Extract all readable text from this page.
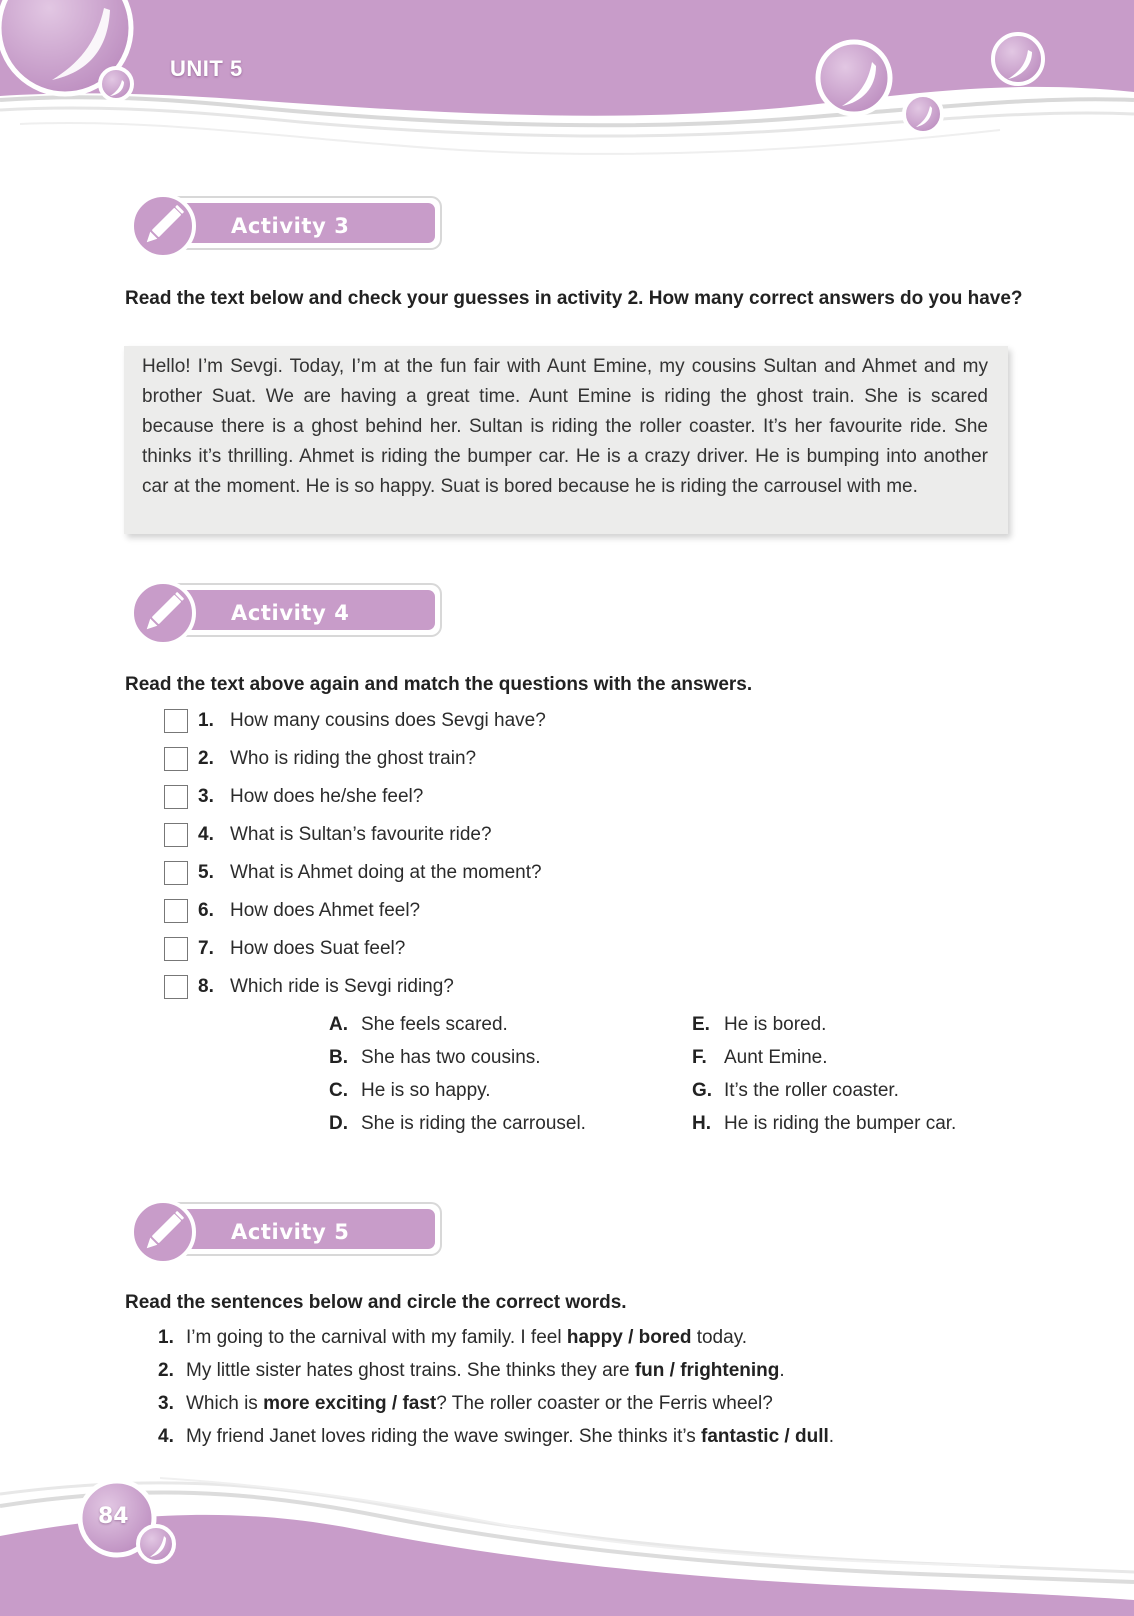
UNIT 5
Activity 3
Read the text below and check your guesses in activity 2. How many correct answers do you have?
Hello! I’m Sevgi. Today, I’m at the fun fair with Aunt Emine, my cousins Sultan and Ahmet and my brother Suat. We are having a great time. Aunt Emine is riding the ghost train. She is scared because there is a ghost behind her. Sultan is riding the roller coaster. It’s her favourite ride. She thinks it’s thrilling. Ahmet is riding the bumper car. He is a crazy driver. He is bumping into another car at the moment. He is so happy. Suat is bored because he is riding the carrousel with me.
Activity 4
Read the text above again and match the questions with the answers.
1. How many cousins does Sevgi have?
2. Who is riding the ghost train?
3. How does he/she feel?
4. What is Sultan’s favourite ride?
5. What is Ahmet doing at the moment?
6. How does Ahmet feel?
7. How does Suat feel?
8. Which ride is Sevgi riding?
A. She feels scared.
B. She has two cousins.
C. He is so happy.
D. She is riding the carrousel.
E. He is bored.
F. Aunt Emine.
G. It’s the roller coaster.
H. He is riding the bumper car.
Activity 5
Read the sentences below and circle the correct words.
1. I’m going to the carnival with my family. I feel happy / bored today.
2. My little sister hates ghost trains. She thinks they are fun / frightening.
3. Which is more exciting / fast? The roller coaster or the Ferris wheel?
4. My friend Janet loves riding the wave swinger. She thinks it’s fantastic / dull.
84
